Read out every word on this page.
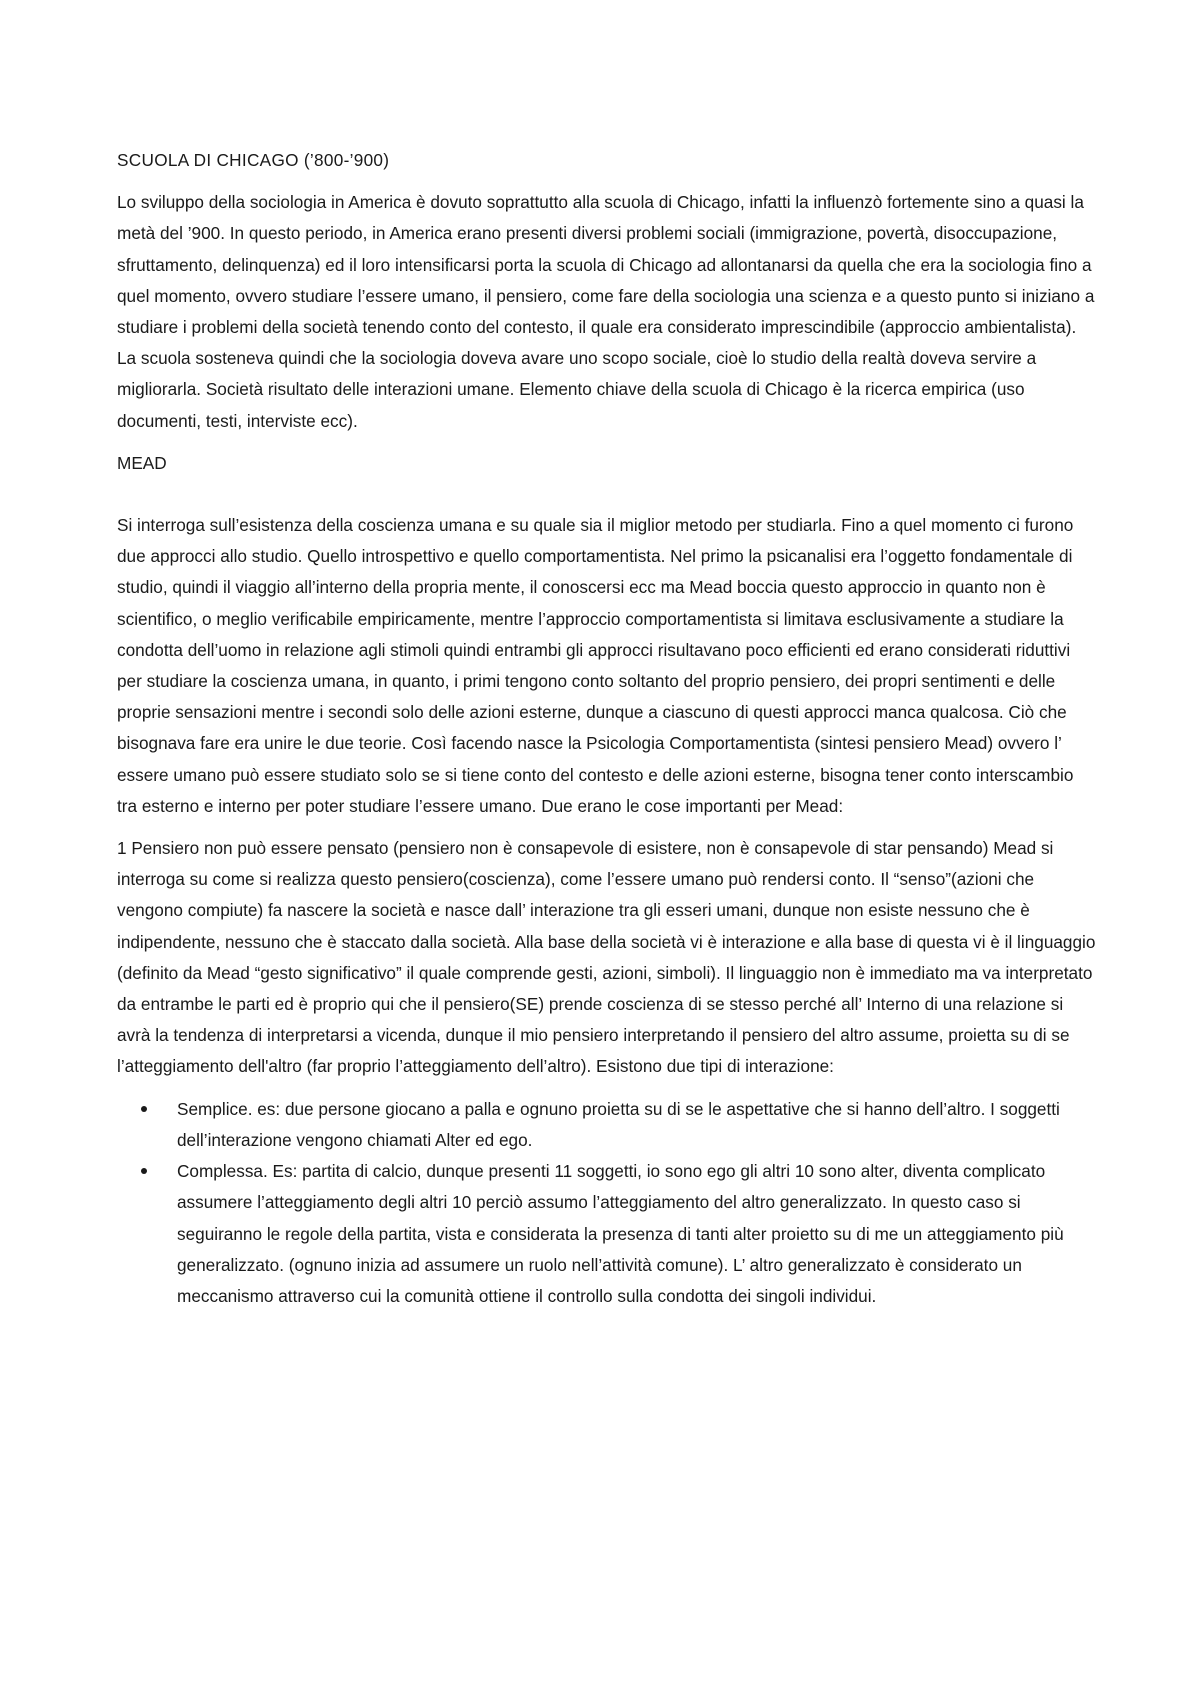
SCUOLA DI CHICAGO (’800-’900)

Lo sviluppo della sociologia in America è dovuto soprattutto alla scuola di Chicago, infatti la influenzò fortemente sino a quasi la metà del ’900. In questo periodo, in America erano presenti diversi problemi sociali (immigrazione, povertà, disoccupazione, sfruttamento, delinquenza) ed il loro intensificarsi porta la scuola di Chicago ad allontanarsi da quella che era la sociologia fino a quel momento, ovvero studiare l’essere umano, il pensiero, come fare della sociologia una scienza e a questo punto si iniziano a studiare i problemi della società tenendo conto del contesto, il quale era considerato imprescindibile (approccio ambientalista). La scuola sosteneva quindi che la sociologia doveva avare uno scopo sociale, cioè lo studio della realtà doveva servire a migliorarla. Società risultato delle interazioni umane. Elemento chiave della scuola di Chicago è la ricerca empirica (uso documenti, testi, interviste ecc).

MEAD

Si interroga sull’esistenza della coscienza umana e su quale sia il miglior metodo per studiarla. Fino a quel momento ci furono due approcci allo studio. Quello introspettivo e quello comportamentista. Nel primo la psicanalisi era l’oggetto fondamentale di studio, quindi il viaggio all’interno della propria mente, il conoscersi ecc ma Mead boccia questo approccio in quanto non è scientifico, o meglio verificabile empiricamente, mentre l’approccio comportamentista si limitava esclusivamente a studiare la condotta dell’uomo in relazione agli stimoli quindi entrambi gli approcci risultavano poco efficienti ed erano considerati riduttivi per studiare la coscienza umana, in quanto, i primi tengono conto soltanto del proprio pensiero, dei propri sentimenti e delle proprie sensazioni mentre i secondi solo delle azioni esterne, dunque a ciascuno di questi approcci manca qualcosa. Ciò che bisognava fare era unire le due teorie. Così facendo nasce la Psicologia Comportamentista (sintesi pensiero Mead) ovvero l’ essere umano può essere studiato solo se si tiene conto del contesto e delle azioni esterne, bisogna tener conto interscambio tra esterno e interno per poter studiare l’essere umano. Due erano le cose importanti per Mead:

1 Pensiero non può essere pensato (pensiero non è consapevole di esistere, non è consapevole di star pensando) Mead si interroga su come si realizza questo pensiero(coscienza), come l’essere umano può rendersi conto. Il “senso”(azioni che vengono compiute) fa nascere la società e nasce dall’ interazione tra gli esseri umani, dunque non esiste nessuno che è indipendente, nessuno che è staccato dalla società. Alla base della società vi è interazione e alla base di questa vi è il linguaggio (definito da Mead “gesto significativo” il quale comprende gesti, azioni, simboli). Il linguaggio non è immediato ma va interpretato da entrambe le parti ed è proprio qui che il pensiero(SE) prende coscienza di se stesso perché all’ Interno di una relazione si avrà la tendenza di interpretarsi a vicenda, dunque il mio pensiero interpretando il pensiero del altro assume, proietta su di se l’atteggiamento dell'altro (far proprio l’atteggiamento dell’altro). Esistono due tipi di interazione:

Semplice. es: due persone giocano a palla e ognuno proietta su di se le aspettative che si hanno dell’altro. I soggetti dell’interazione vengono chiamati Alter ed ego.
Complessa. Es: partita di calcio, dunque presenti 11 soggetti, io sono ego gli altri 10 sono alter, diventa complicato assumere l’atteggiamento degli altri 10 perciò assumo l’atteggiamento del altro generalizzato. In questo caso si seguiranno le regole della partita, vista e considerata la presenza di tanti alter proietto su di me un atteggiamento più generalizzato. (ognuno inizia ad assumere un ruolo nell’attività comune). L’ altro generalizzato è considerato un meccanismo attraverso cui la comunità ottiene il controllo sulla condotta dei singoli individui.
